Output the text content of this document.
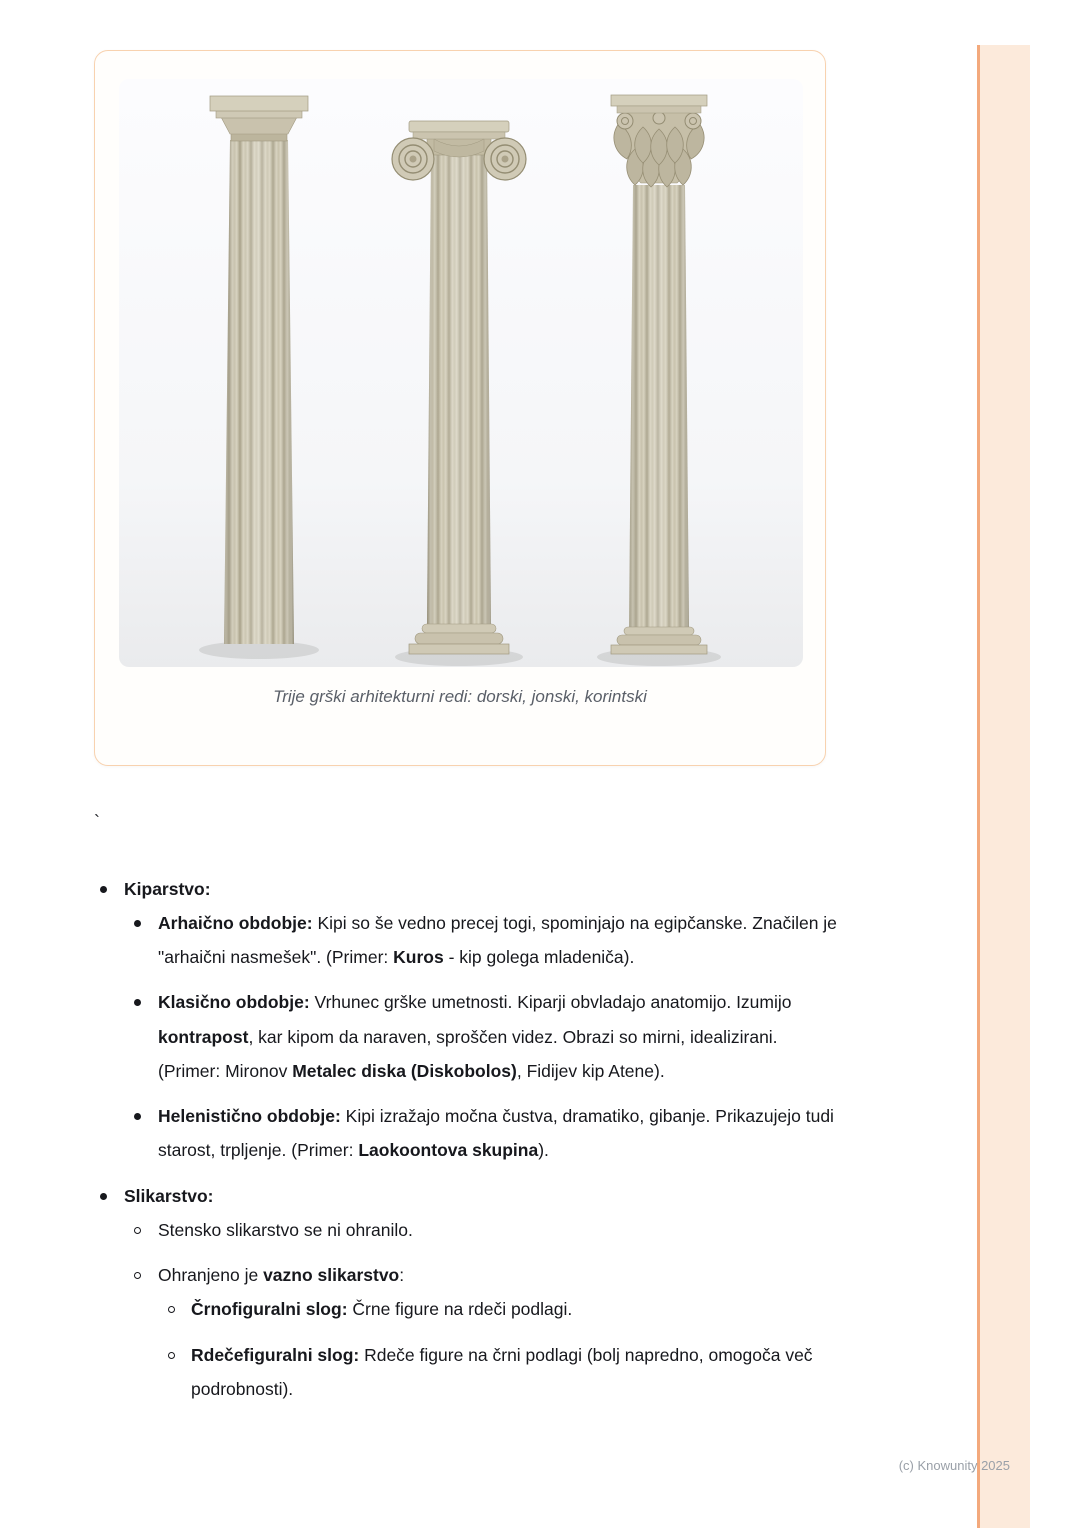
Trije grški arhitekturni redi: dorski, jonski, korintski
`

Kiparstvo:

Arhaično obdobje: Kipi so še vedno precej togi, spominjajo na egipčanske. Značilen je "arhaični nasmešek". (Primer: Kuros - kip golega mladeniča).

Klasično obdobje: Vrhunec grške umetnosti. Kiparji obvladajo anatomijo. Izumijo kontrapost, kar kipom da naraven, sproščen videz. Obrazi so mirni, idealizirani. (Primer: Mironov Metalec diska (Diskobolos), Fidijev kip Atene).

Helenistično obdobje: Kipi izražajo močna čustva, dramatiko, gibanje. Prikazujejo tudi starost, trpljenje. (Primer: Laokoontova skupina).

Slikarstvo:

Stensko slikarstvo se ni ohranilo.

Ohranjeno je vazno slikarstvo:

Črnofiguralni slog: Črne figure na rdeči podlagi.

Rdečefiguralni slog: Rdeče figure na črni podlagi (bolj napredno, omogoča več podrobnosti).

(c) Knowunity 2025
